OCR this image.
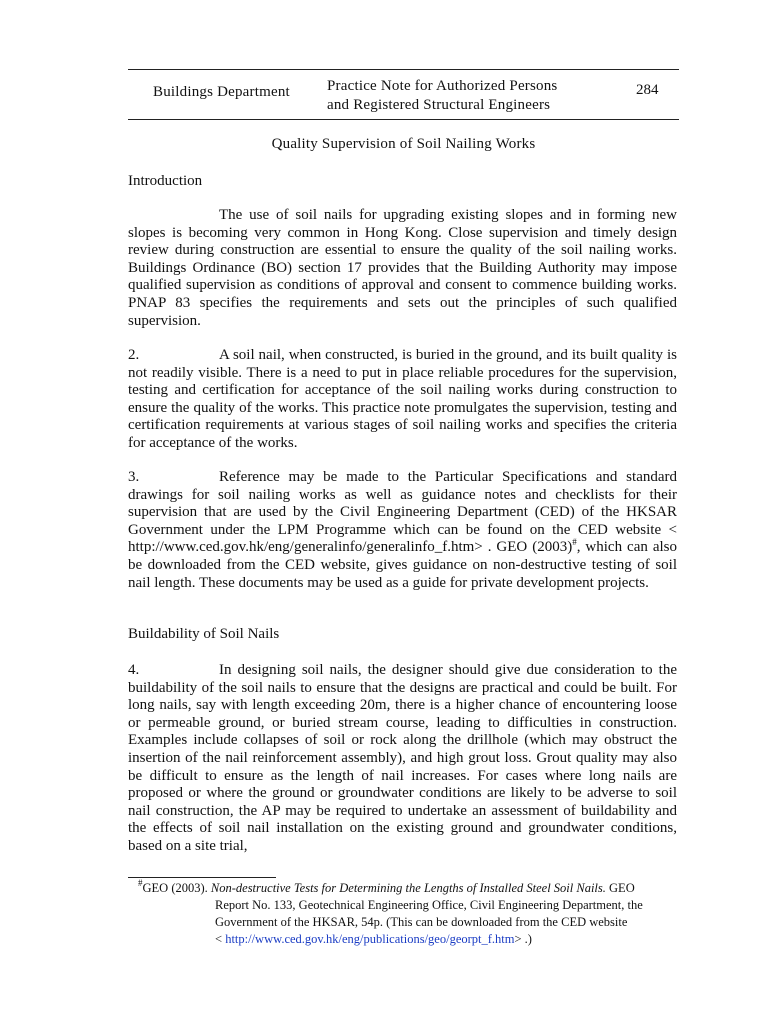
Buildings Department Practice Note for Authorized Persons
and Registered Structural Engineers
284
Quality Supervision of Soil Nailing Works
Introduction

The use of soil nails for upgrading existing slopes and in forming new slopes is becoming very common in Hong Kong. Close supervision and timely design review during construction are essential to ensure the quality of the soil nailing works. Buildings Ordinance (BO) section 17 provides that the Building Authority may impose qualified supervision as conditions of approval and consent to commence building works. PNAP 83 specifies the requirements and sets out the principles of such qualified supervision.

2.	A soil nail, when constructed, is buried in the ground, and its built quality is not readily visible. There is a need to put in place reliable procedures for the supervision, testing and certification for acceptance of the soil nailing works during construction to ensure the quality of the works. This practice note promulgates the supervision, testing and certification requirements at various stages of soil nailing works and specifies the criteria for acceptance of the works.

3.	Reference may be made to the Particular Specifications and standard drawings for soil nailing works as well as guidance notes and checklists for their supervision that are used by the Civil Engineering Department (CED) of the HKSAR Government under the LPM Programme which can be found on the CED website < http://www.ced.gov.hk/eng/generalinfo/generalinfo_f.htm> . GEO (2003)#, which can also be downloaded from the CED website, gives guidance on non-destructive testing of soil nail length. These documents may be used as a guide for private development projects.

Buildability of Soil Nails

4.	In designing soil nails, the designer should give due consideration to the buildability of the soil nails to ensure that the designs are practical and could be built. For long nails, say with length exceeding 20m, there is a higher chance of encountering loose or permeable ground, or buried stream course, leading to difficulties in construction. Examples include collapses of soil or rock along the drillhole (which may obstruct the insertion of the nail reinforcement assembly), and high grout loss. Grout quality may also be difficult to ensure as the length of nail increases. For cases where long nails are proposed or where the ground or groundwater conditions are likely to be adverse to soil nail construction, the AP may be required to undertake an assessment of buildability and the effects of soil nail installation on the existing ground and groundwater conditions, based on a site trial,

#GEO (2003). Non-destructive Tests for Determining the Lengths of Installed Steel Soil Nails. GEO
Report No. 133, Geotechnical Engineering Office, Civil Engineering Department, the
Government of the HKSAR, 54p. (This can be downloaded from the CED website
< http://www.ced.gov.hk/eng/publications/geo/georpt_f.htm> .)
